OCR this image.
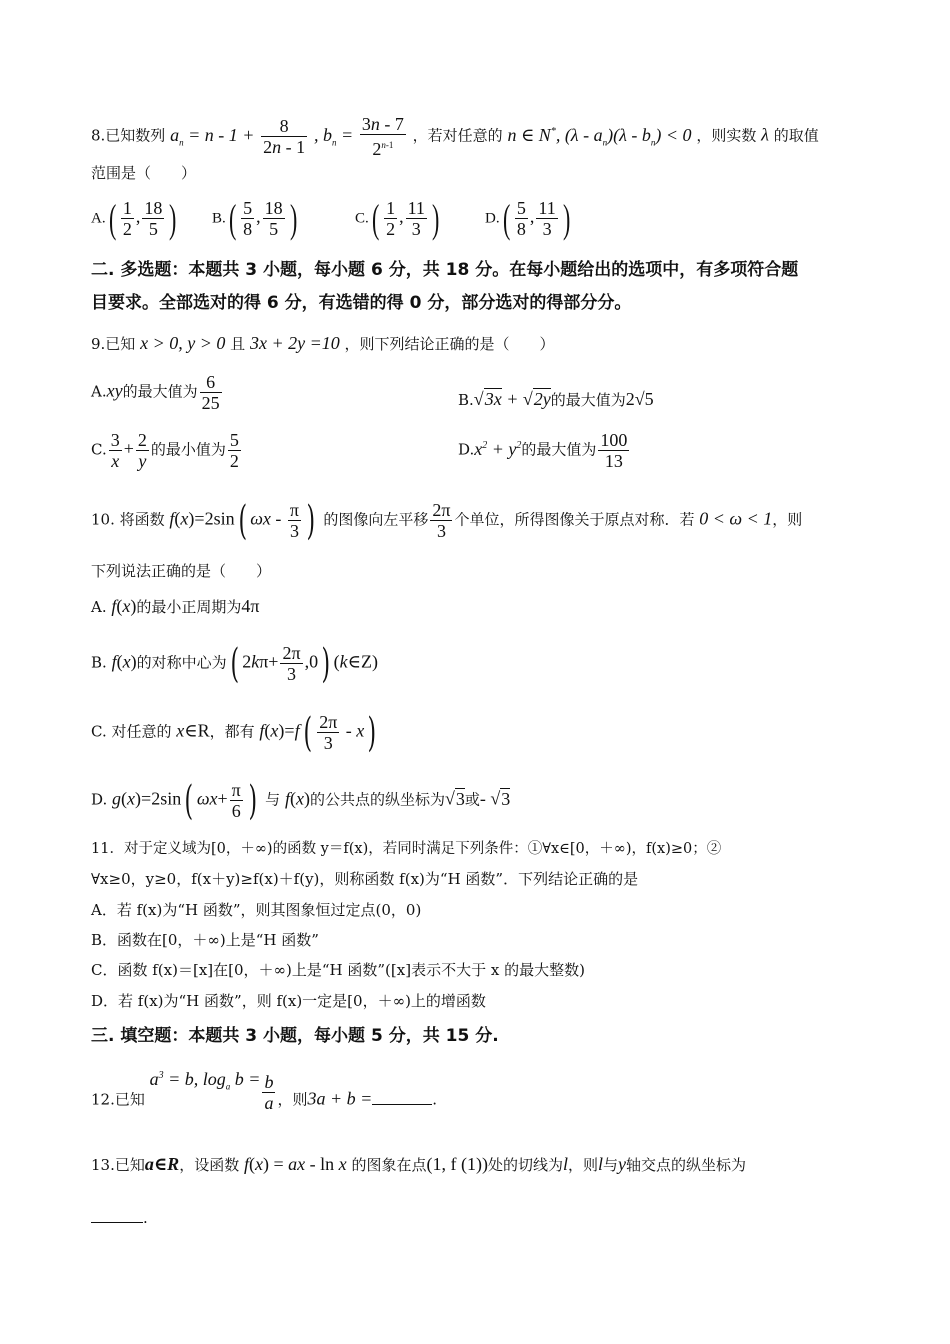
8.已知数列 $a_n = n - 1 + \frac{8}{2n - 1}$ , $b_n = \frac{3n - 7}{2^{n-1}}$ ，若对任意的 n ∈ N*, $(\lambda - a_n)(\lambda - b_n) < 0$ ，则实数 λ 的取值
范围是（　　）
$A.( \frac{1}{2}$ , $\frac{18}{5}$ ) $B.( \frac{5}{8}$ , $\frac{18}{5}$ )	$C.( \frac{1}{2}$ , $\frac{11}{3}$ )	$D.( \frac{5}{8}$ , $\frac{11}{3}$ )
二. 多选题：本题共 3 小题，每小题 6 分，共 18 分。在每小题给出的选项中，有多项符合题
目要求。全部选对的得 6 分，有选错的得 0 分，部分选对的得部分分。
9.已知 x > 0, y > 0 且 3x + 2y =10 ，则下列结论正确的是（　　）
A.xy的最大值为 $\frac{6}{25}$	B.√3x + √2y的最大值为2√5
C. $\frac{3}{x} + \frac{2}{y}$ 的最小值为 $\frac{5}{2}$	$D.x^2 + y^2$的最大值为 $\frac{100}{13}$
10. 将函数 f(x)=2sin( ωx - $\frac{\pi}{3}$ ) 的图像向左平移 $\frac{2\pi}{3}$ 个单位，所得图像关于原点对称．若 0 < ω < 1，则
下列说法正确的是（　　）
A. f(x)的最小正周期为4π
B. f(x)的对称中心为( $2k\pi+ \frac{2\pi}{3} ,0$) (k∈Z)
C. 对任意的 x∈R，都有 $f(x)=f( \frac{2\pi}{3} - x)$
D. g(x)=2sin( $\omega x+ \frac{\pi}{6}$ ) 与 f(x)的公共点的纵坐标为√3或- √3
11．对于定义域为[0，＋∞)的函数 y＝f(x)，若同时满足下列条件：①∀x∈[0，＋∞)，f(x)≥0；②
∀x≥0，y≥0，f(x＋y)≥f(x)＋f(y)，则称函数 f(x)为“H 函数”．下列结论正确的是
A．若 f(x)为“H 函数”，则其图象恒过定点(0，0)
B．函数在[0，＋∞)上是“H 函数”
C．函数 f(x)＝[x]在[0，＋∞)上是“H 函数”([x]表示不大于 x 的最大整数)
D．若 f(x)为“H 函数”，则 f(x)一定是[0，＋∞)上的增函数
三. 填空题：本题共 3 小题，每小题 5 分，共 15 分.
12.已知 $a^3 = b$, $\log_a b = \frac{b}{a}$ ，则3a + b =	.
13.已知a∈R，设函数 f(x) = ax - ln x 的图象在点(1, f (1))处的切线为l，则l与y轴交点的纵坐标为
.
